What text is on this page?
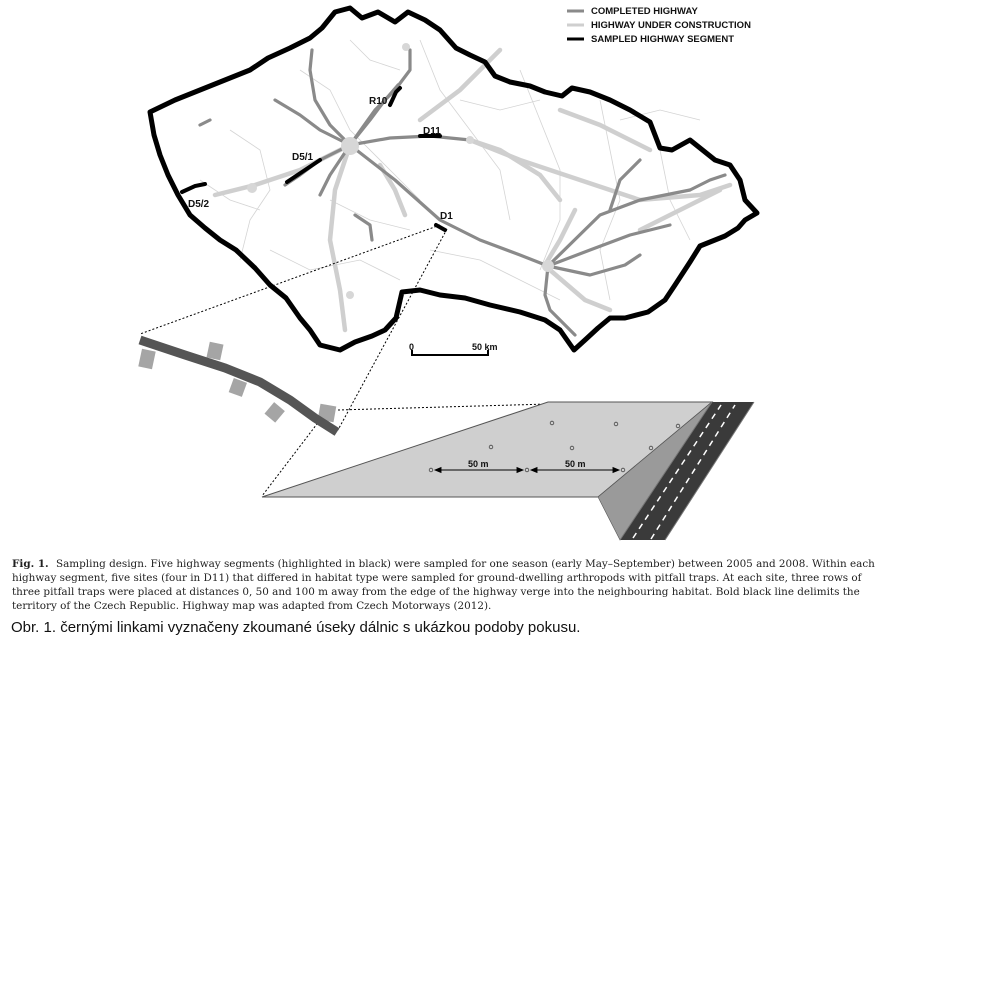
COMPLETED HIGHWAY
HIGHWAY UNDER CONSTRUCTION
SAMPLED HIGHWAY SEGMENT
R10
D11
D5/1
D5/2
D1
0	50 km
50 m	50 m
Fig. 1. Sampling design. Five highway segments (highlighted in black) were sampled for one season (early May–September) between 2005 and 2008. Within each highway segment, five sites (four in D11) that differed in habitat type were sampled for ground-dwelling arthropods with pitfall traps. At each site, three rows of three pitfall traps were placed at distances 0, 50 and 100 m away from the edge of the highway verge into the neighbouring habitat. Bold black line delimits the territory of the Czech Republic. Highway map was adapted from Czech Motorways (2012).
Obr. 1. černými linkami vyznačeny zkoumané úseky dálnic s ukázkou podoby pokusu.
